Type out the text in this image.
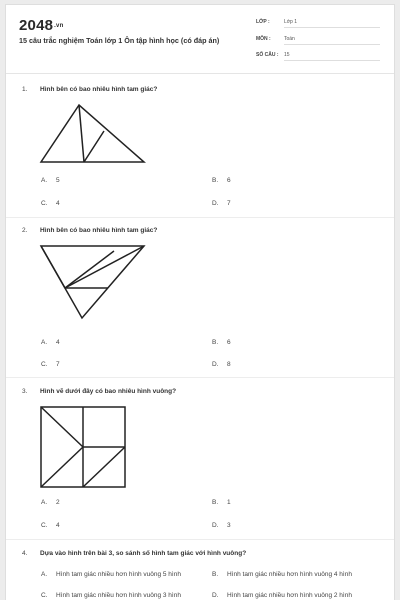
2048.vn
15 câu trắc nghiệm Toán lớp 1 Ôn tập hình học (có đáp án)
LỚP :	Lớp 1
MÔN :	Toán
SỐ CÂU : 15
1. Hình bên có bao nhiêu hình tam giác?
A. 5	B. 6
C. 4	D. 7
2. Hình bên có bao nhiêu hình tam giác?
A. 4	B. 6
C. 7	D. 8
3. Hình vẽ dưới đây có bao nhiêu hình vuông?
A. 2	B. 1
C. 4	D. 3
4. Dựa vào hình trên bài 3, so sánh số hình tam giác với hình vuông?
A. Hình tam giác nhiều hơn hình vuông 5 hình	B. Hình tam giác nhiều hơn hình vuông 4 hình
C. Hình tam giác nhiều hơn hình vuông 3 hình	D. Hình tam giác nhiều hơn hình vuông 2 hình
